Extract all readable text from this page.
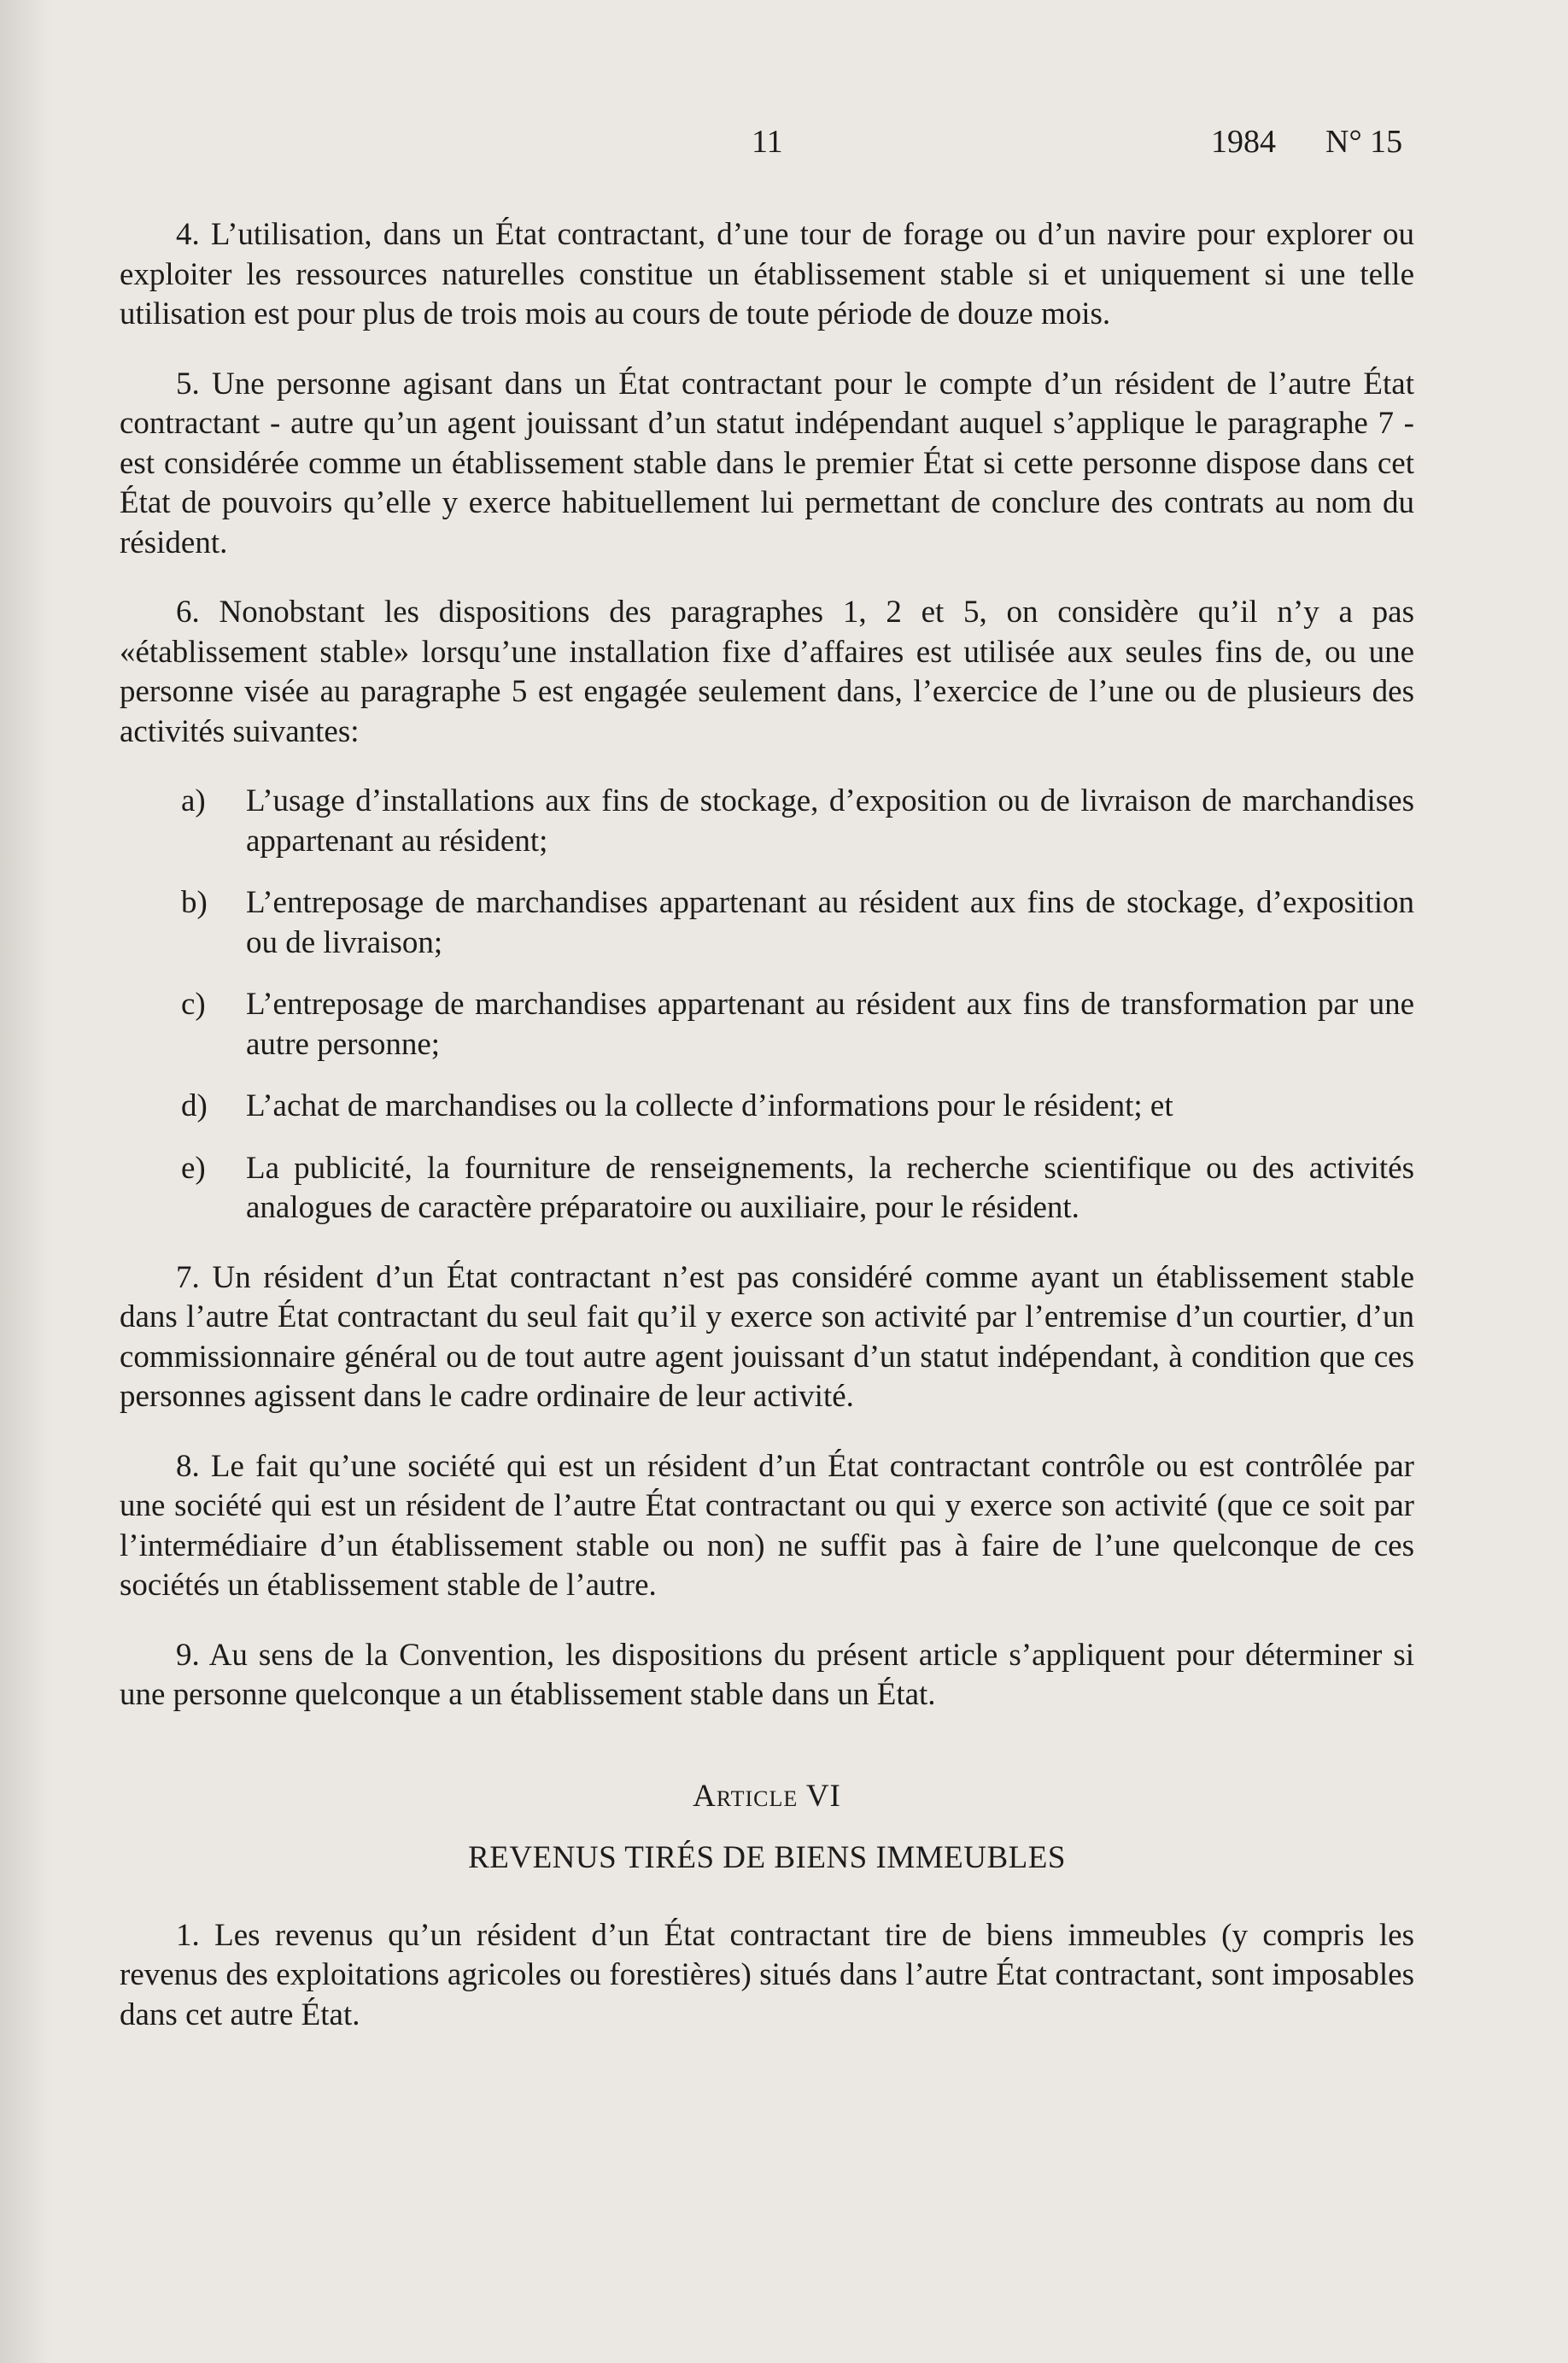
11	1984 N° 15

4. L’utilisation, dans un État contractant, d’une tour de forage ou d’un navire pour explorer ou exploiter les ressources naturelles constitue un établissement stable si et uniquement si une telle utilisation est pour plus de trois mois au cours de toute période de douze mois.

5. Une personne agisant dans un État contractant pour le compte d’un résident de l’autre État contractant - autre qu’un agent jouissant d’un statut indépendant auquel s’applique le paragraphe 7 - est considérée comme un établissement stable dans le premier État si cette personne dispose dans cet État de pouvoirs qu’elle y exerce habituellement lui permettant de conclure des contrats au nom du résident.

6. Nonobstant les dispositions des paragraphes 1, 2 et 5, on considère qu’il n’y a pas «établissement stable» lorsqu’une installation fixe d’affaires est utilisée aux seules fins de, ou une personne visée au paragraphe 5 est engagée seulement dans, l’exercice de l’une ou de plusieurs des activités suivantes:

a)	L’usage d’installations aux fins de stockage, d’exposition ou de livraison de marchandises appartenant au résident;
b)	L’entreposage de marchandises appartenant au résident aux fins de stockage, d’exposition ou de livraison;
c)	L’entreposage de marchandises appartenant au résident aux fins de transformation par une autre personne;
d)	L’achat de marchandises ou la collecte d’informations pour le résident; et
e)	La publicité, la fourniture de renseignements, la recherche scientifique ou des activités analogues de caractère préparatoire ou auxiliaire, pour le résident.

7. Un résident d’un État contractant n’est pas considéré comme ayant un établissement stable dans l’autre État contractant du seul fait qu’il y exerce son activité par l’entremise d’un courtier, d’un commissionnaire général ou de tout autre agent jouissant d’un statut indépendant, à condition que ces personnes agissent dans le cadre ordinaire de leur activité.

8. Le fait qu’une société qui est un résident d’un État contractant contrôle ou est contrôlée par une société qui est un résident de l’autre État contractant ou qui y exerce son activité (que ce soit par l’intermédiaire d’un établissement stable ou non) ne suffit pas à faire de l’une quelconque de ces sociétés un établissement stable de l’autre.

9. Au sens de la Convention, les dispositions du présent article s’appliquent pour déterminer si une personne quelconque a un établissement stable dans un État.

Article VI
REVENUS TIRÉS DE BIENS IMMEUBLES

1. Les revenus qu’un résident d’un État contractant tire de biens immeubles (y compris les revenus des exploitations agricoles ou forestières) situés dans l’autre État contractant, sont imposables dans cet autre État.
